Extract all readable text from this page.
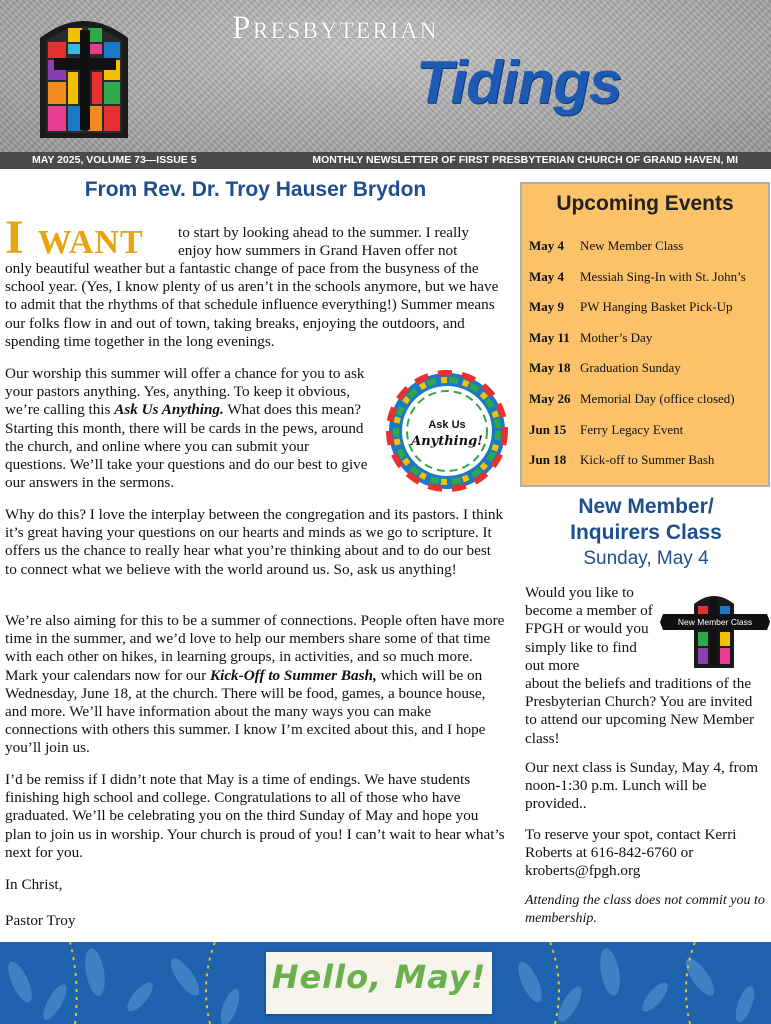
Presbyterian
Tidings
MAY 2025, VOLUME 73—ISSUE 5	MONTHLY NEWSLETTER OF FIRST PRESBYTERIAN CHURCH OF GRAND HAVEN, MI
From Rev. Dr. Troy Hauser Brydon
I want to start by looking ahead to the summer. I really enjoy how summers in Grand Haven offer not
only beautiful weather but a fantastic change of pace from the busyness of the school year. (Yes, I know plenty of us aren’t in the schools anymore, but we have to admit that the rhythms of that schedule influence everything!) Summer means our folks flow in and out of town, taking breaks, enjoying the outdoors, and spending time together in the long evenings.
Our worship this summer will offer a chance for you to ask your pastors anything. Yes, anything. To keep it obvious, we’re calling this Ask Us Anything. What does this mean? Starting this month, there will be cards in the pews, around the church, and online where you can submit your questions. We’ll take your questions and do our best to give our answers in the sermons.
Ask Us
Anything!
Why do this? I love the interplay between the congregation and its pastors. I think it’s great having your questions on our hearts and minds as we go to scripture. It offers us the chance to really hear what you’re thinking about and to do our best to connect what we believe with the world around us. So, ask us anything!
We’re also aiming for this to be a summer of connections. People often have more time in the summer, and we’d love to help our members share some of that time with each other on hikes, in learning groups, in activities, and so much more. Mark your calendars now for our Kick-Off to Summer Bash, which will be on Wednesday, June 18, at the church. There will be food, games, a bounce house, and more. We’ll have information about the many ways you can make connections with others this summer. I know I’m excited about this, and I hope you’ll join us.
I’d be remiss if I didn’t note that May is a time of endings. We have students finishing high school and college. Congratulations to all of those who have graduated. We’ll be celebrating you on the third Sunday of May and hope you plan to join us in worship. Your church is proud of you! I can’t wait to hear what’s next for you.
In Christ,
Pastor Troy
Upcoming Events
May 4 New Member Class
May 4 Messiah Sing-In with St. John’s
May 9 PW Hanging Basket Pick-Up
May 11 Mother’s Day
May 18 Graduation Sunday
May 26 Memorial Day (office closed)
Jun 15 Ferry Legacy Event
Jun 18 Kick-off to Summer Bash
New Member/
Inquirers Class
Sunday, May 4
New Member Class
Would you like to become a member of FPGH or would you simply like to find out more
about the beliefs and traditions of the Presbyterian Church? You are invited to attend our upcoming New Member class!
Our next class is Sunday, May 4, from noon-1:30 p.m. Lunch will be provided..
To reserve your spot, contact Kerri Roberts at 616-842-6760 or kroberts@fpgh.org
Attending the class does not commit you to membership.
Hello, May!
